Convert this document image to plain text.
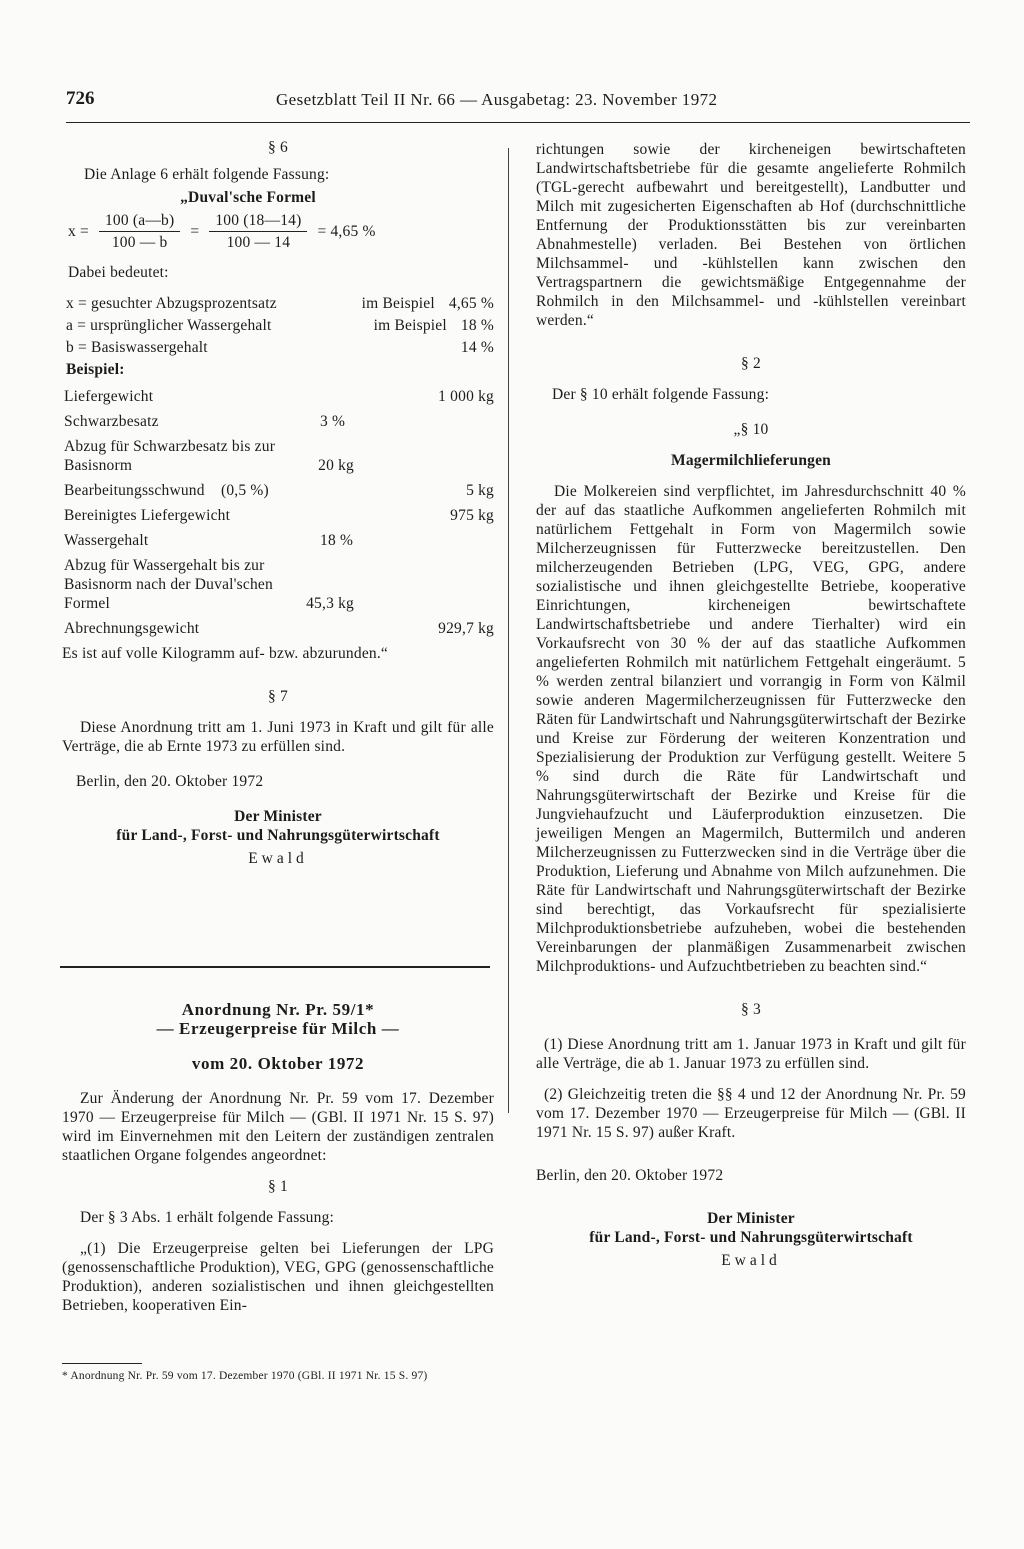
726	Gesetzblatt Teil II Nr. 66 — Ausgabetag: 23. November 1972
§ 6

Die Anlage 6 erhält folgende Fassung:

„Duval'sche Formel
$x = \frac{100 (a—b)}{100 — b} = \frac{100 (18—14)}{100 — 14} = 4,65$ %

Dabei bedeutet:

x = gesuchter Abzugsprozentsatz	im Beispiel 4,65 %
a = ursprünglicher Wassergehalt	im Beispiel 18 %
b = Basiswassergehalt	14 %
Beispiel:
Liefergewicht	1 000 kg
Schwarzbesatz	3 %
Abzug für Schwarzbesatz bis zur Basisnorm	20 kg
Bearbeitungsschwund    (0,5 %)	5 kg
Bereinigtes Liefergewicht	975 kg
Wassergehalt	18 %
Abzug für Wassergehalt bis zur Basisnorm nach der Duval'schen Formel	45,3 kg
Abrechnungsgewicht	929,7 kg

Es ist auf volle Kilogramm auf- bzw. abzurunden.“

§ 7

Diese Anordnung tritt am 1. Juni 1973 in Kraft und gilt für alle Verträge, die ab Ernte 1973 zu erfüllen sind.

Berlin, den 20. Oktober 1972

Der Minister
für Land-, Forst- und Nahrungsgüterwirtschaft
Ewald
Anordnung Nr. Pr. 59/1*
— Erzeugerpreise für Milch —
vom 20. Oktober 1972

Zur Änderung der Anordnung Nr. Pr. 59 vom 17. Dezember 1970 — Erzeugerpreise für Milch — (GBl. II 1971 Nr. 15 S. 97) wird im Einvernehmen mit den Leitern der zuständigen zentralen staatlichen Organe folgendes angeordnet:

§ 1

Der § 3 Abs. 1 erhält folgende Fassung:

„(1) Die Erzeugerpreise gelten bei Lieferungen der LPG (genossenschaftliche Produktion), VEG, GPG (genossenschaftliche Produktion), anderen sozialistischen und ihnen gleichgestellten Betrieben, kooperativen Ein-

* Anordnung Nr. Pr. 59 vom 17. Dezember 1970 (GBl. II 1971 Nr. 15 S. 97)

richtungen sowie der kircheneigen bewirtschafteten Landwirtschaftsbetriebe für die gesamte angelieferte Rohmilch (TGL-gerecht aufbewahrt und bereitgestellt), Landbutter und Milch mit zugesicherten Eigenschaften ab Hof (durchschnittliche Entfernung der Produktionsstätten bis zur vereinbarten Abnahmestelle) verladen. Bei Bestehen von örtlichen Milchsammel- und -kühlstellen kann zwischen den Vertragspartnern die gewichtsmäßige Entgegennahme der Rohmilch in den Milchsammel- und -kühlstellen vereinbart werden.“

§ 2

Der § 10 erhält folgende Fassung:

„§ 10
Magermilchlieferungen

Die Molkereien sind verpflichtet, im Jahresdurchschnitt 40 % der auf das staatliche Aufkommen angelieferten Rohmilch mit natürlichem Fettgehalt in Form von Magermilch sowie Milcherzeugnissen für Futterzwecke bereitzustellen. Den milcherzeugenden Betrieben (LPG, VEG, GPG, andere sozialistische und ihnen gleichgestellte Betriebe, kooperative Einrichtungen, kircheneigen bewirtschaftete Landwirtschaftsbetriebe und andere Tierhalter) wird ein Vorkaufsrecht von 30 % der auf das staatliche Aufkommen angelieferten Rohmilch mit natürlichem Fettgehalt eingeräumt. 5 % werden zentral bilanziert und vorrangig in Form von Kälmil sowie anderen Magermilcherzeugnissen für Futterzwecke den Räten für Landwirtschaft und Nahrungsgüterwirtschaft der Bezirke und Kreise zur Förderung der weiteren Konzentration und Spezialisierung der Produktion zur Verfügung gestellt. Weitere 5 % sind durch die Räte für Landwirtschaft und Nahrungsgüterwirtschaft der Bezirke und Kreise für die Jungviehaufzucht und Läuferproduktion einzusetzen. Die jeweiligen Mengen an Magermilch, Buttermilch und anderen Milcherzeugnissen zu Futterzwecken sind in die Verträge über die Produktion, Lieferung und Abnahme von Milch aufzunehmen. Die Räte für Landwirtschaft und Nahrungsgüterwirtschaft der Bezirke sind berechtigt, das Vorkaufsrecht für spezialisierte Milchproduktionsbetriebe aufzuheben, wobei die bestehenden Vereinbarungen der planmäßigen Zusammenarbeit zwischen Milchproduktions- und Aufzuchtbetrieben zu beachten sind.“

§ 3

(1) Diese Anordnung tritt am 1. Januar 1973 in Kraft und gilt für alle Verträge, die ab 1. Januar 1973 zu erfüllen sind.

(2) Gleichzeitig treten die §§ 4 und 12 der Anordnung Nr. Pr. 59 vom 17. Dezember 1970 — Erzeugerpreise für Milch — (GBl. II 1971 Nr. 15 S. 97) außer Kraft.

Berlin, den 20. Oktober 1972

Der Minister
für Land-, Forst- und Nahrungsgüterwirtschaft
Ewald
